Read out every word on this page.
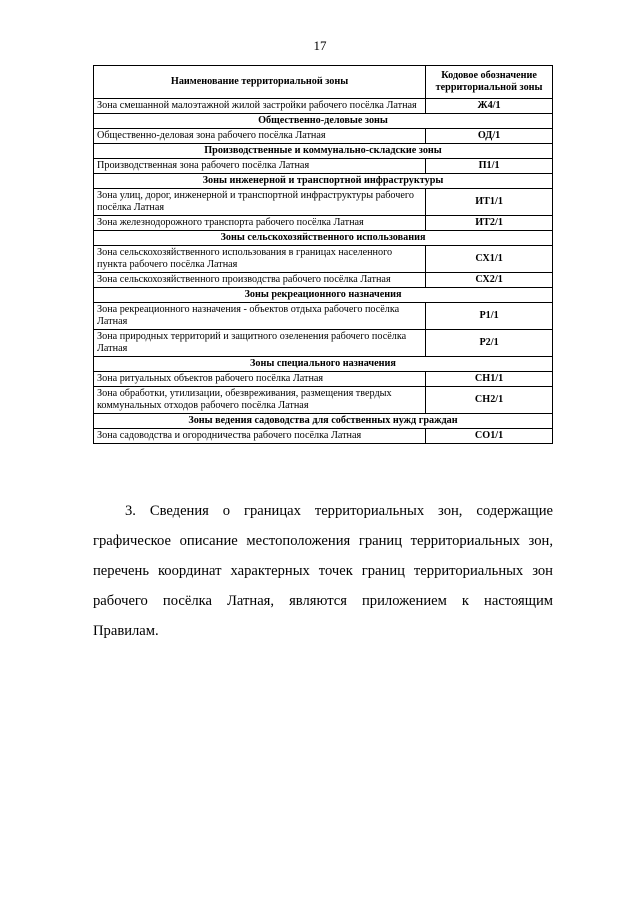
17
Наименование территориальной зоны	Кодовое обозначение территориальной зоны
Зона смешанной малоэтажной жилой застройки рабочего посёлка Латная	Ж4/1
Общественно-деловые зоны	
Общественно-деловая зона рабочего посёлка Латная	ОД/1
Производственные и коммунально-складские зоны	
Производственная зона рабочего посёлка Латная	П1/1
Зоны инженерной и транспортной инфраструктуры	
Зона улиц, дорог, инженерной и транспортной инфраструктуры рабочего посёлка Латная	ИТ1/1
Зона железнодорожного транспорта рабочего посёлка Латная	ИТ2/1
Зоны сельскохозяйственного использования	
Зона сельскохозяйственного использования в границах населенного пункта рабочего посёлка Латная	СХ1/1
Зона сельскохозяйственного производства рабочего посёлка Латная	СХ2/1
Зоны рекреационного назначения	
Зона рекреационного назначения - объектов отдыха рабочего посёлка Латная	Р1/1
Зона природных территорий и защитного озеленения рабочего посёлка Латная	Р2/1
Зоны специального назначения	
Зона ритуальных объектов рабочего посёлка Латная	СН1/1
Зона обработки, утилизации, обезвреживания, размещения твердых коммунальных отходов рабочего посёлка Латная	СН2/1
Зоны ведения садоводства для собственных нужд граждан	
Зона садоводства и огородничества рабочего посёлка Латная	СО1/1

3. Сведения о границах территориальных зон, содержащие графическое описание местоположения границ территориальных зон, перечень координат характерных точек границ территориальных зон рабочего посёлка Латная, являются приложением к настоящим Правилам.
